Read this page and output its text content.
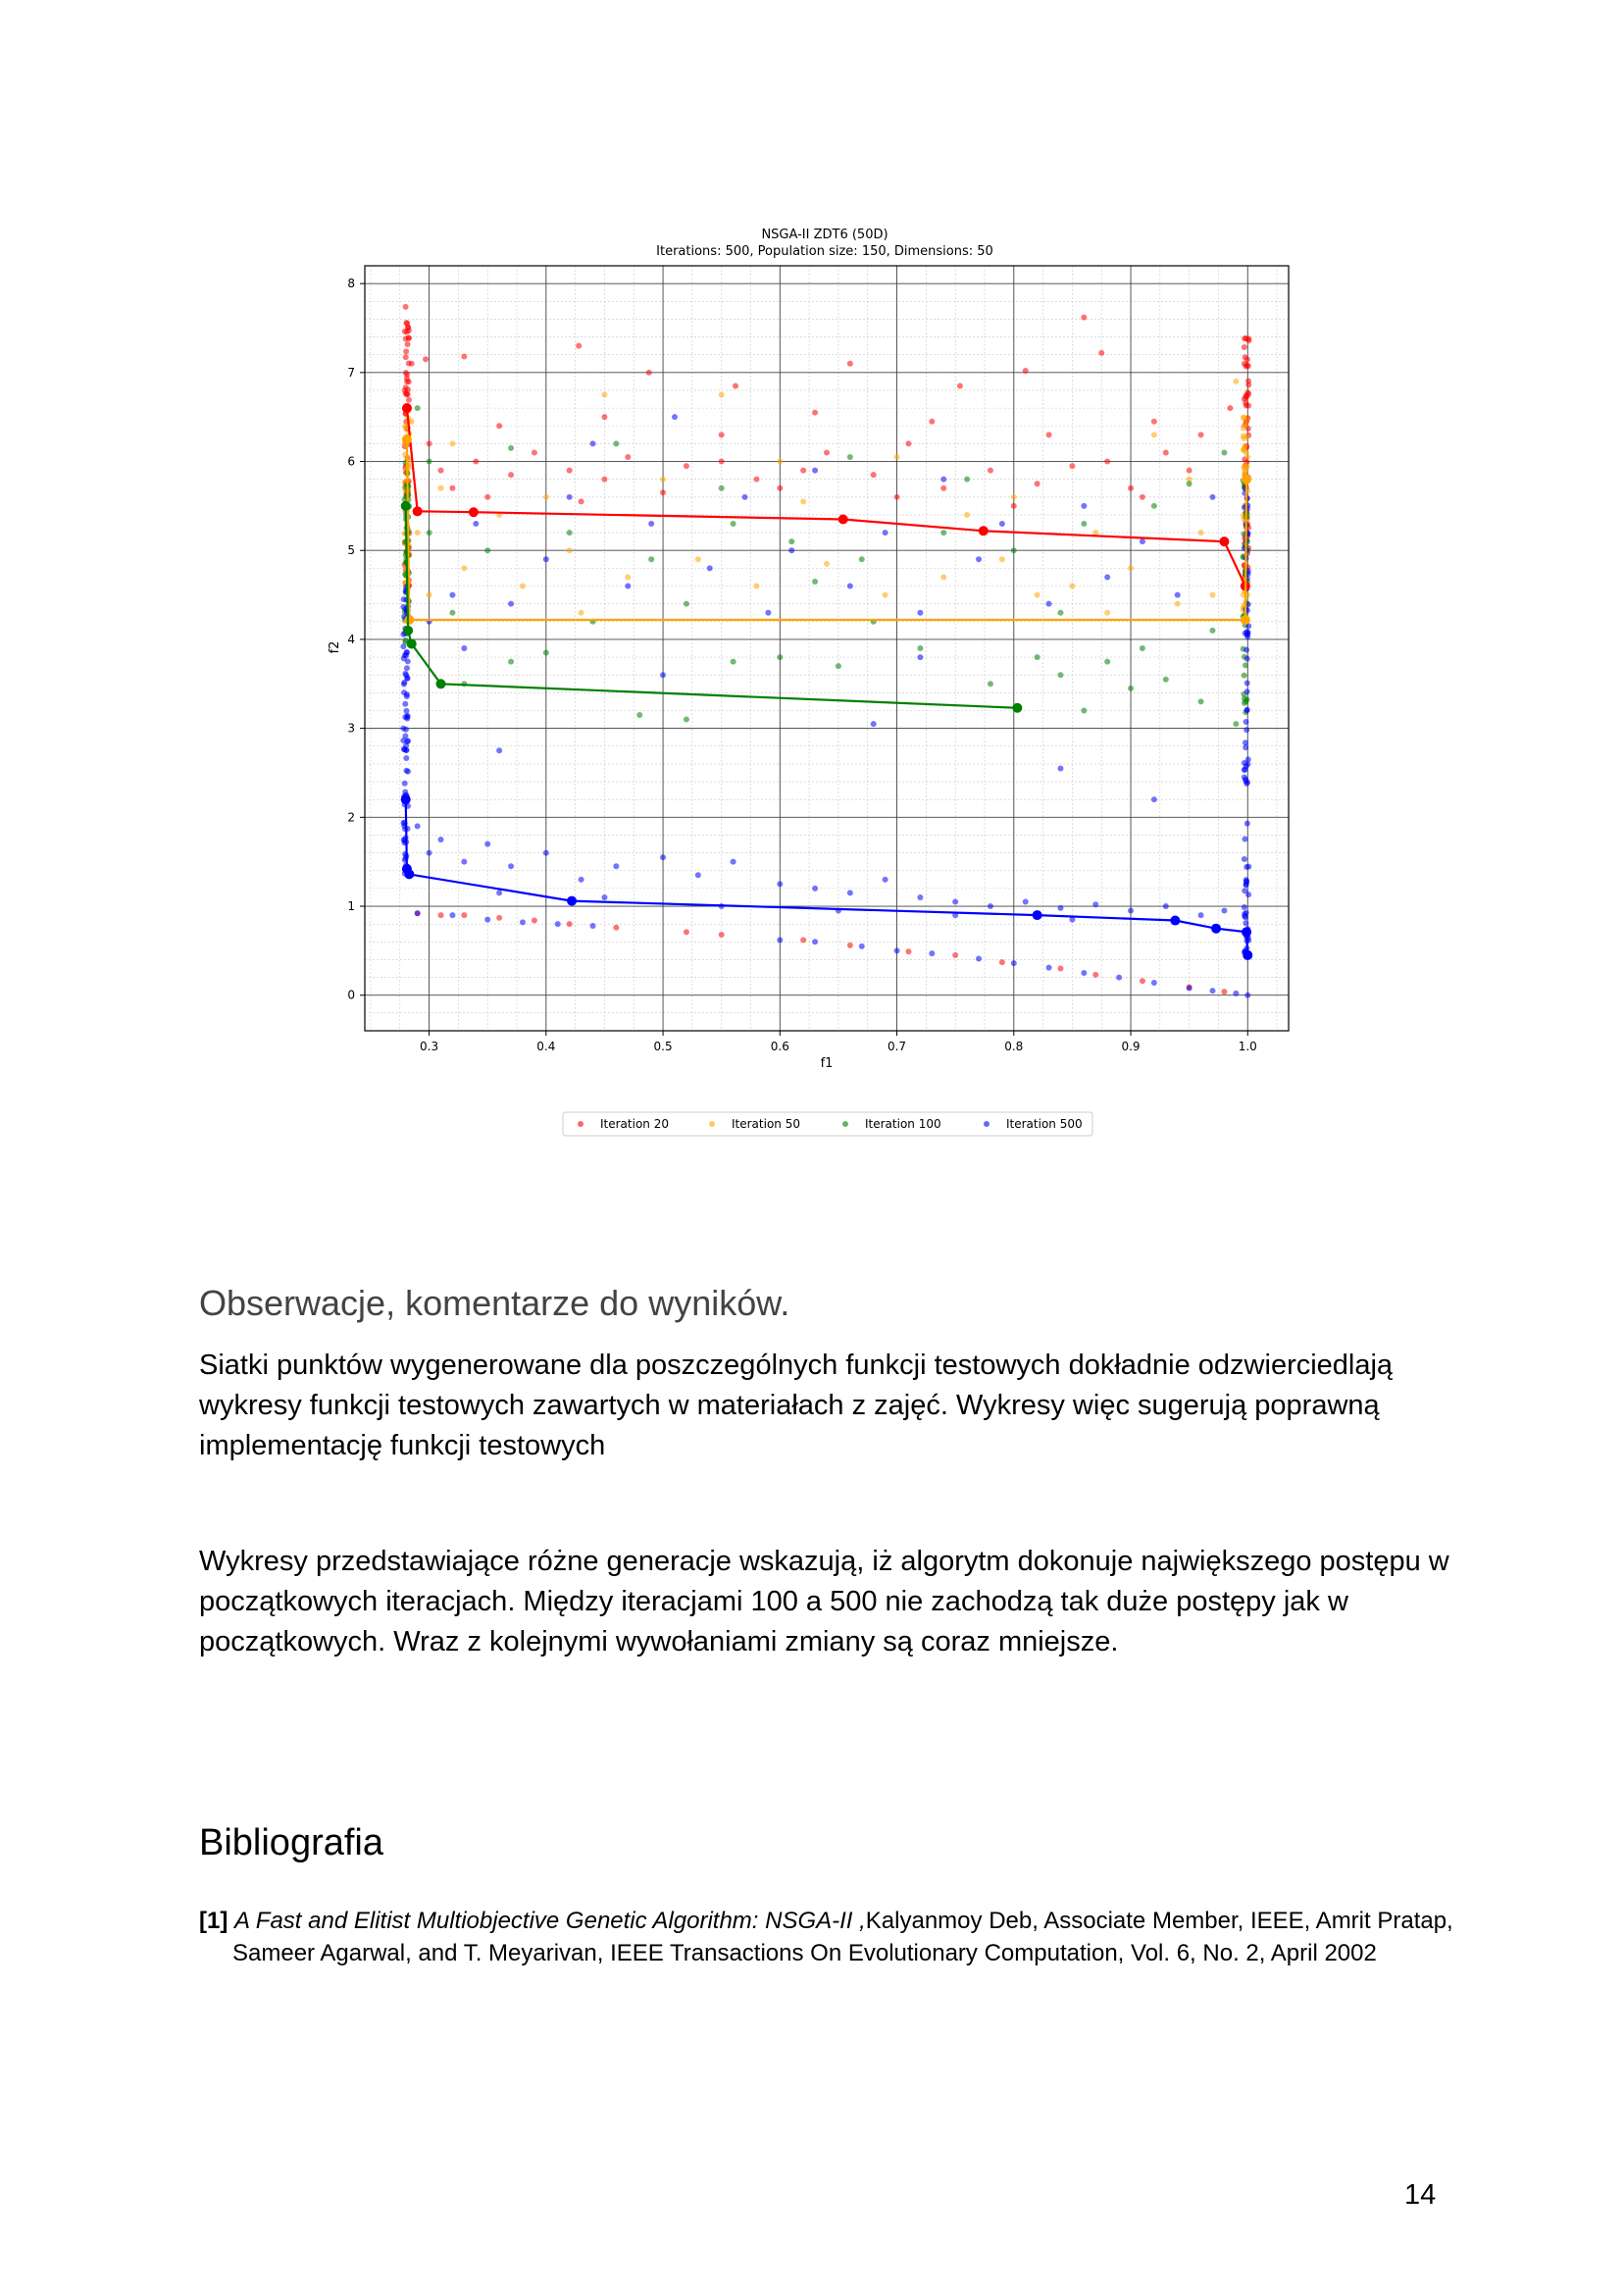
NSGA-II ZDT6 (50D)
Iterations: 500, Population size: 150, Dimensions: 50
0.3	0.4	0.5	0.6	0.7	0.8	0.9	1.0
0
1
2
3
4
5
6
7
8
f1
f2
Iteration 20	Iteration 50	Iteration 100	Iteration 500
Obserwacje, komentarze do wyników.

Siatki punktów wygenerowane dla poszczególnych funkcji testowych dokładnie odzwierciedlają wykresy funkcji testowych zawartych w materiałach z zajęć. Wykresy więc sugerują poprawną implementację funkcji testowych

Wykresy przedstawiające różne generacje wskazują, iż algorytm dokonuje największego postępu w początkowych iteracjach. Między iteracjami 100 a 500 nie zachodzą tak duże postępy jak w początkowych. Wraz z kolejnymi wywołaniami zmiany są coraz mniejsze.

Bibliografia

[1] A Fast and Elitist Multiobjective Genetic Algorithm: NSGA-II ,Kalyanmoy Deb, Associate Member, IEEE, Amrit Pratap, Sameer Agarwal, and T. Meyarivan, IEEE Transactions On Evolutionary Computation, Vol. 6, No. 2, April 2002

14
